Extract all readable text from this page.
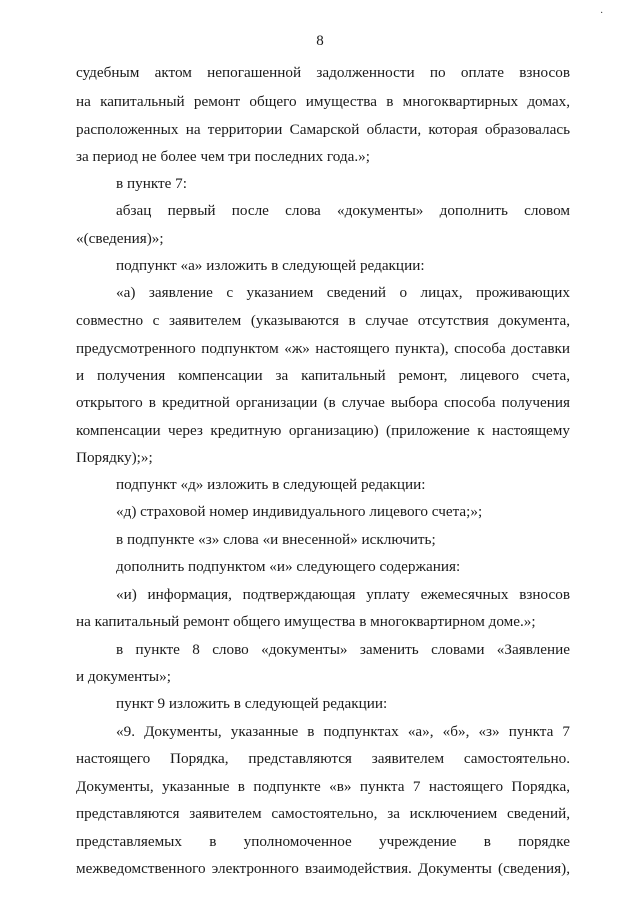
·
8
судебным актом непогашенной задолженности по оплате взносов
на капитальный ремонт общего имущества в многоквартирных домах,
расположенных на территории Самарской области, которая образовалась
за период не более чем три последних года.»;
в пункте 7:
абзац первый после слова «документы» дополнить словом
«(сведения)»;
подпункт «а» изложить в следующей редакции:
«а) заявление с указанием сведений о лицах, проживающих
совместно с заявителем (указываются в случае отсутствия документа,
предусмотренного подпунктом «ж» настоящего пункта), способа доставки
и получения компенсации за капитальный ремонт, лицевого счета,
открытого в кредитной организации (в случае выбора способа получения
компенсации через кредитную организацию) (приложение к настоящему
Порядку);»;
подпункт «д» изложить в следующей редакции:
«д) страховой номер индивидуального лицевого счета;»;
в подпункте «з» слова «и внесенной» исключить;
дополнить подпунктом «и» следующего содержания:
«и) информация, подтверждающая уплату ежемесячных взносов
на капитальный ремонт общего имущества в многоквартирном доме.»;
в пункте 8 слово «документы» заменить словами «Заявление
и документы»;
пункт 9 изложить в следующей редакции:
«9. Документы, указанные в подпунктах «а», «б», «з» пункта 7
настоящего Порядка, представляются заявителем самостоятельно.
Документы, указанные в подпункте «в» пункта 7 настоящего Порядка,
представляются заявителем самостоятельно, за исключением сведений,
представляемых в уполномоченное учреждение в порядке
межведомственного электронного взаимодействия. Документы (сведения),
